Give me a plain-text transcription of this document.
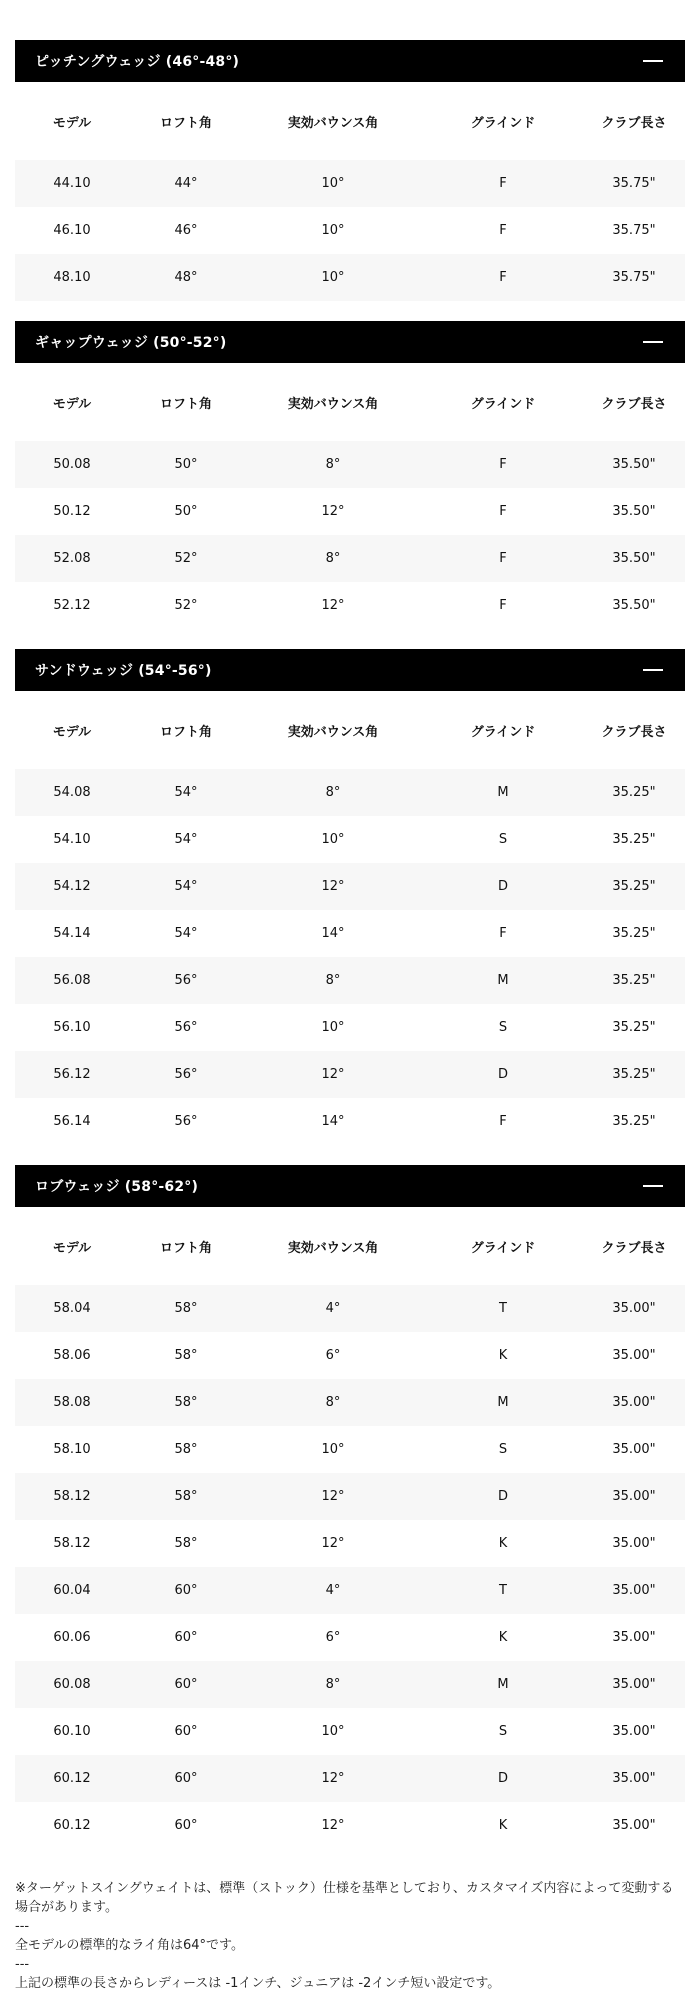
ピッチングウェッジ (46°-48°)
モデル	ロフト角	実効バウンス角	グラインド	クラブ長さ
44.10	44°	10°	F	35.75"
46.10	46°	10°	F	35.75"
48.10	48°	10°	F	35.75"
ギャップウェッジ (50°-52°)
モデル	ロフト角	実効バウンス角	グラインド	クラブ長さ
50.08	50°	8°	F	35.50"
50.12	50°	12°	F	35.50"
52.08	52°	8°	F	35.50"
52.12	52°	12°	F	35.50"
サンドウェッジ (54°-56°)
モデル	ロフト角	実効バウンス角	グラインド	クラブ長さ
54.08	54°	8°	M	35.25"
54.10	54°	10°	S	35.25"
54.12	54°	12°	D	35.25"
54.14	54°	14°	F	35.25"
56.08	56°	8°	M	35.25"
56.10	56°	10°	S	35.25"
56.12	56°	12°	D	35.25"
56.14	56°	14°	F	35.25"
ロブウェッジ (58°-62°)
モデル	ロフト角	実効バウンス角	グラインド	クラブ長さ
58.04	58°	4°	T	35.00"
58.06	58°	6°	K	35.00"
58.08	58°	8°	M	35.00"
58.10	58°	10°	S	35.00"
58.12	58°	12°	D	35.00"
58.12	58°	12°	K	35.00"
60.04	60°	4°	T	35.00"
60.06	60°	6°	K	35.00"
60.08	60°	8°	M	35.00"
60.10	60°	10°	S	35.00"
60.12	60°	12°	D	35.00"
60.12	60°	12°	K	35.00"
※ターゲットスイングウェイトは、標準（ストック）仕様を基準としており、カスタマイズ内容によって変動する場合があります。
---
全モデルの標準的なライ角は64°です。
---
上記の標準の長さからレディースは -1インチ、ジュニアは -2インチ短い設定です。
